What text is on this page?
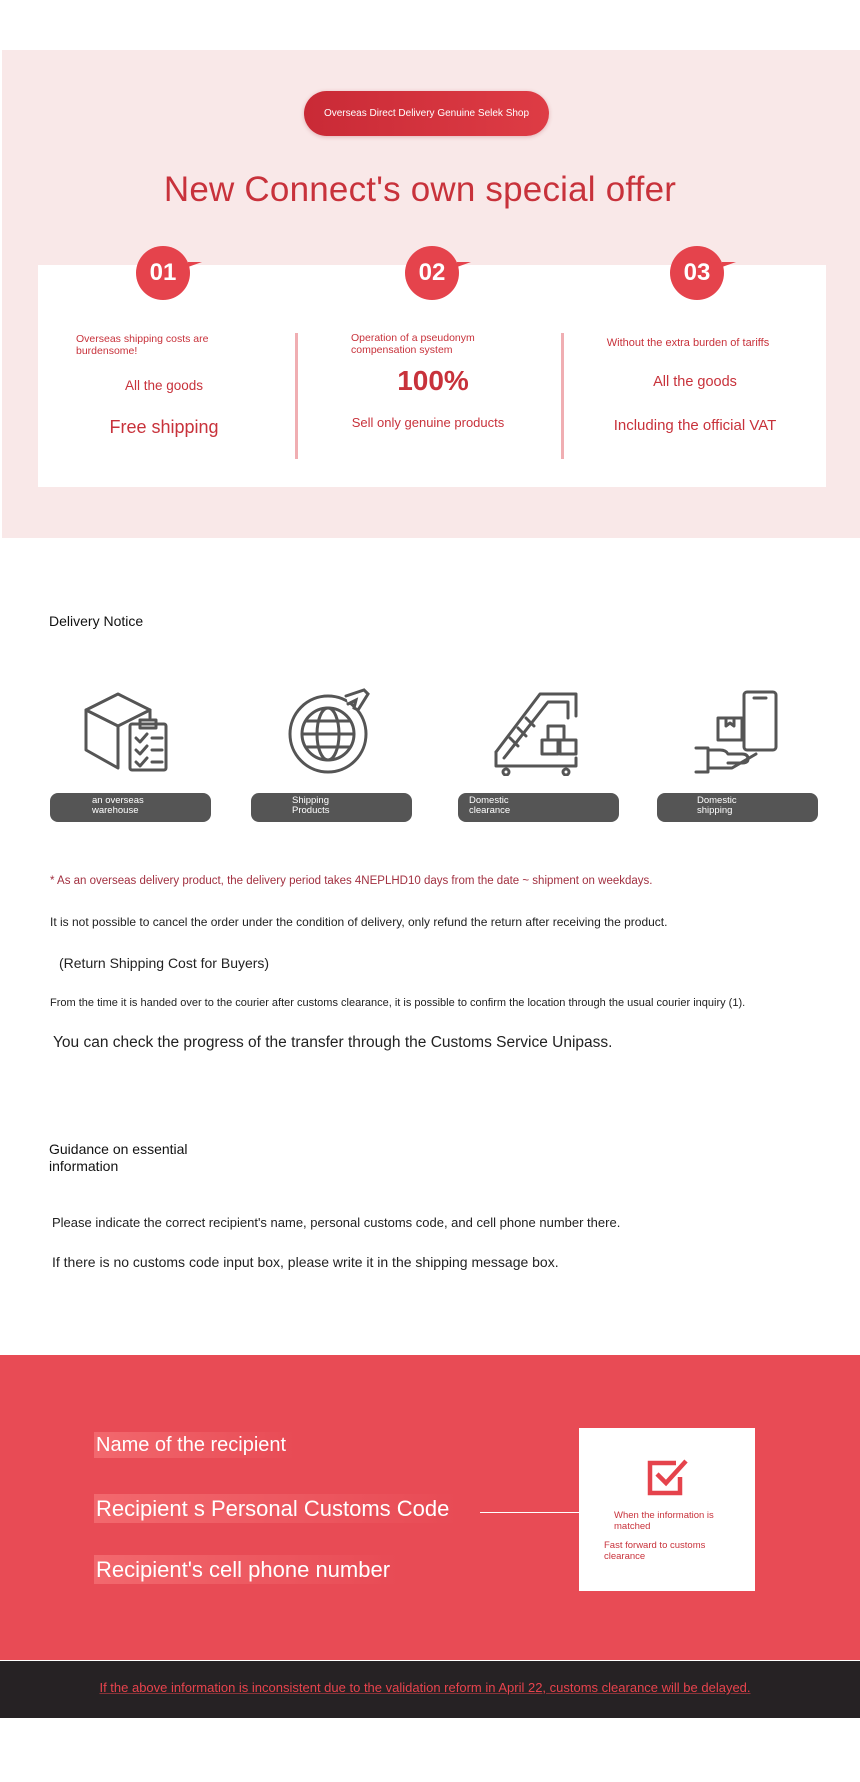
Overseas Direct Delivery Genuine Selek Shop
New Connect's own special offer
01
Overseas shipping costs are burdensome!
All the goods
Free shipping
02
Operation of a pseudonym compensation system
100%
Sell only genuine products
03
Without the extra burden of tariffs
All the goods
Including the official VAT
Delivery Notice
an overseas warehouse
Shipping Products
Domestic clearance
Domestic shipping
* As an overseas delivery product, the delivery period takes 4NEPLHD10 days from the date ~ shipment on weekdays.
It is not possible to cancel the order under the condition of delivery, only refund the return after receiving the product.
(Return Shipping Cost for Buyers)
From the time it is handed over to the courier after customs clearance, it is possible to confirm the location through the usual courier inquiry (1).
You can check the progress of the transfer through the Customs Service Unipass.
Guidance on essential information
Please indicate the correct recipient's name, personal customs code, and cell phone number there.
If there is no customs code input box, please write it in the shipping message box.
Name of the recipient
Recipient s Personal Customs Code
Recipient's cell phone number
When the information is matched
Fast forward to customs clearance
If the above information is inconsistent due to the validation reform in April 22, customs clearance will be delayed.
